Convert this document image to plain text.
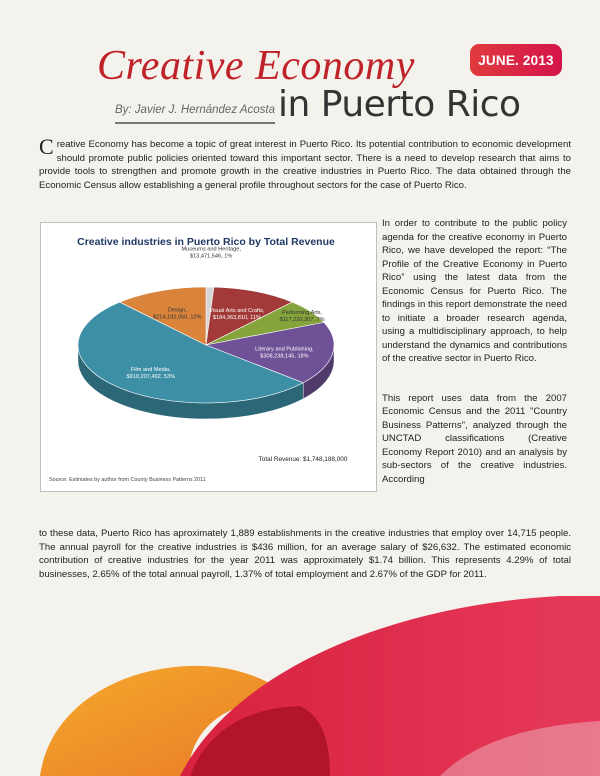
Creative Economy	JUNE. 2013
By: Javier J. Hernández Acosta in Puerto Rico
Creative Economy has become a topic of great interest in Puerto Rico. Its potential contribution to economic development should promote public policies oriented toward this important sector. There is a need to develop research that aims to provide tools to strengthen and promote growth in the creative industries in Puerto Rico. The data obtained through the Economic Census allow establishing a general profile throughout sectors for the case of Puerto Rico.
Creative industries in Puerto Rico by Total Revenue
Museums and Heritage, $13,471,546, 1%
Visual Arts and Crafts, $184,363,810, 11%
Performing Arts, $117,220,307, 7%
Literary and Publishing, $308,238,145, 18%
Film and Media, $910,207,492, 53%
Design, $214,192,050, 12%
Total Revenue: $1,748,188,000
Source: Estimates by author from County Business Patterns 2011

In order to contribute to the public policy agenda for the creative economy in Puerto Rico, we have developed the report: “The Profile of the Creative Economy in Puerto Rico” using the latest data from the Economic Census for Puerto Rico. The findings in this report demonstrate the need to initiate a broader research agenda, using a multidisciplinary approach, to help understand the dynamics and contributions of the creative sector in Puerto Rico.

This report uses data from the 2007 Economic Census and the 2011 "Country Business Patterns", analyzed through the UNCTAD classifications (Creative Economy Report 2010) and an analysis by sub-sectors of the creative industries. According

to these data, Puerto Rico has aproximately 1,889 establishments in the creative industries that employ over 14,715 people. The annual payroll for the creative industries is $436 million, for an average salary of $26,632. The estimated economic contribution of creative industries for the year 2011 was approximately $1.74 billion. This represents 4.29% of total businesses, 2.65% of the total annual payroll, 1.37% of total employment and 2.67% of the GDP for 2011.
